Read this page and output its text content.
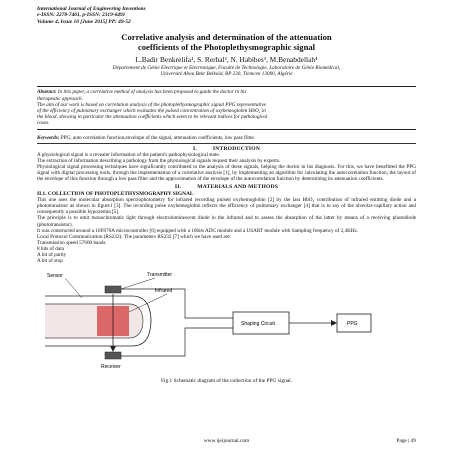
International Journal of Engineering Inventions
e-ISSN: 2278-7461, p-ISSN: 2319-6491
Volume 4, Issue 10 [June 2015] PP: 49-52
Correlative analysis and determination of the attenuation
coefficients of the Photoplethysmographic signal
L.Badir Benkrelifa¹, S. Rerbal², N. Habibes³, M.Benabdellah⁴
Département de Génie Electrique et Electronique, Faculté de Technologie, Laboratoire de Génie Biomédical,
Université Abou Bekr Belkaïd, BP 230, Tlemcen 13000, Algérie
Abstract: In this paper, a correlative method of analysis has been proposed to guide the doctor in his
therapeutic approach.
The aim of our work is based on correlation analysis of the photoplethysmographic signal PPG representative
of the efficiency of pulmonary exchanger which evaluates the pulsed concentration of oxyhemoglobin HbO₂ in
the blood, showing in particular the attenuation coefficients which seem to be relevant indices for pathological
cases.
Keywords: PPG, auto correlation function,envelope of the signal, attenuation coefficients, low pass filter.
I.          INTRODUCTION
A physiological signal is a revealer information of the patient's pathophysiological state.
The extraction of information describing a pathology from the physiological signals request their analysis by experts.
Physiological signal processing techniques have significantly contributed to the analysis of these signals, helping the doctor in his diagnosis. For this, we have benefitted the PPG signal with digital processing tools, through the implementation of a correlative analysis [1], by implementing an algorithm for calculating the autocorrelation function, the layout of the envelope of this function through a low pass filter and the approximation of the envelope of the autocorrelation function by determining its attenuation coefficients.
II.          MATERIALS AND METHODS
II.1. COLLECTION OF PHOTOPLETHYSMOGRAPHY SIGNAL
This one uses the molecular absorption spectrophotometry for infrared recording pulsed oxyhemoglobin [2] by the last HbO₂ contribution of infrared emitting diode and a phototransistor as shown in figure1 [3]. The recording pulse oxyhemoglobin reflects the efficiency of pulmonary exchanger [4] that is to say of the alveolar-capillary action and consequently a possible hypoxemia [5].
The principle is to emit monochromatic light through electroluminescent diode in the infrared and to assess the absorption of the latter by means of a receiving photodiode (phototransistor).
It was constructed around a 16F876A microcontroller [6] equipped with a 10bits ADC module and a USART module with Sampling frequency of 2,4KHz.
Local Protocol Communication (RS232): The parameters RS232 [7] which we have used are:
Transmission speed 57600 bauds
8 bits of data
A bit of parity
A bit of stop
Sensor	Transmitter
Infrared
Receiver
Shaping Circuit	PPG
Fig.1 Schematic diagram of the collection of the PPG signal.
www.ijeijournal.com	Page | 49
